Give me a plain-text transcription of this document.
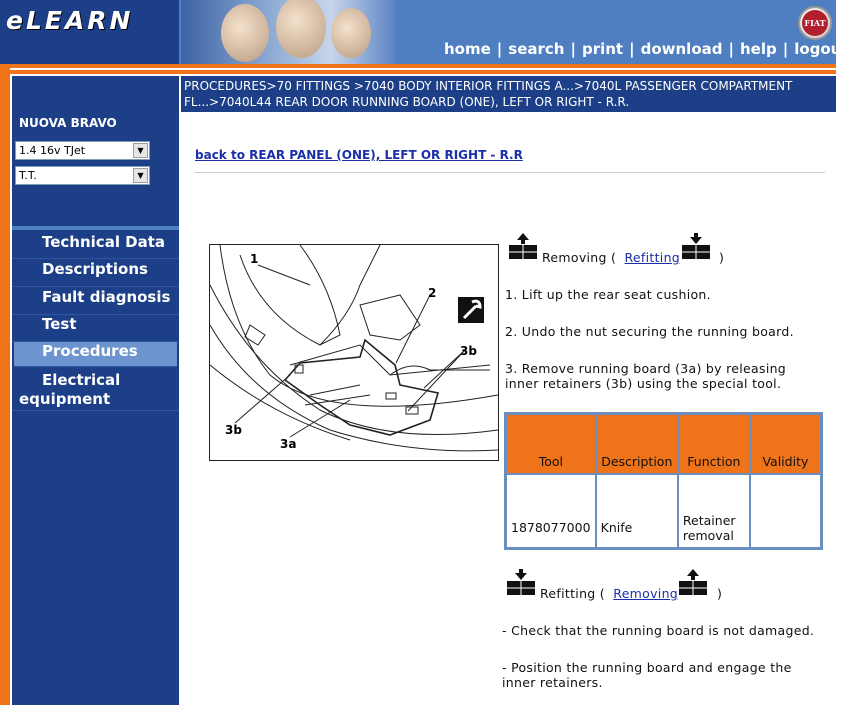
eLEARN	FIAT
home | search | print | download | help | logout
NUOVA BRAVO
1.4 16v TJet	▼
T.T.	▼
Technical Data
Descriptions
Fault diagnosis
Test
Procedures
Electrical equipment
PROCEDURES>70 FITTINGS >7040 BODY INTERIOR FITTINGS A...>7040L PASSENGER COMPARTMENT
FL...>7040L44 REAR DOOR RUNNING BOARD (ONE), LEFT OR RIGHT - R.R.
back to REAR PANEL (ONE), LEFT OR RIGHT - R.R
1
2
3b
3b
3a
Removing ( Refitting	)
1. Lift up the rear seat cushion.
2. Undo the nut securing the running board.
3. Remove running board (3a) by releasing
inner retainers (3b) using the special tool.
Tool	Description	Function	Validity
1878077000	Knife	Retainer
removal	

Refitting ( Removing	)
- Check that the running board is not damaged.
- Position the running board and engage the
inner retainers.
